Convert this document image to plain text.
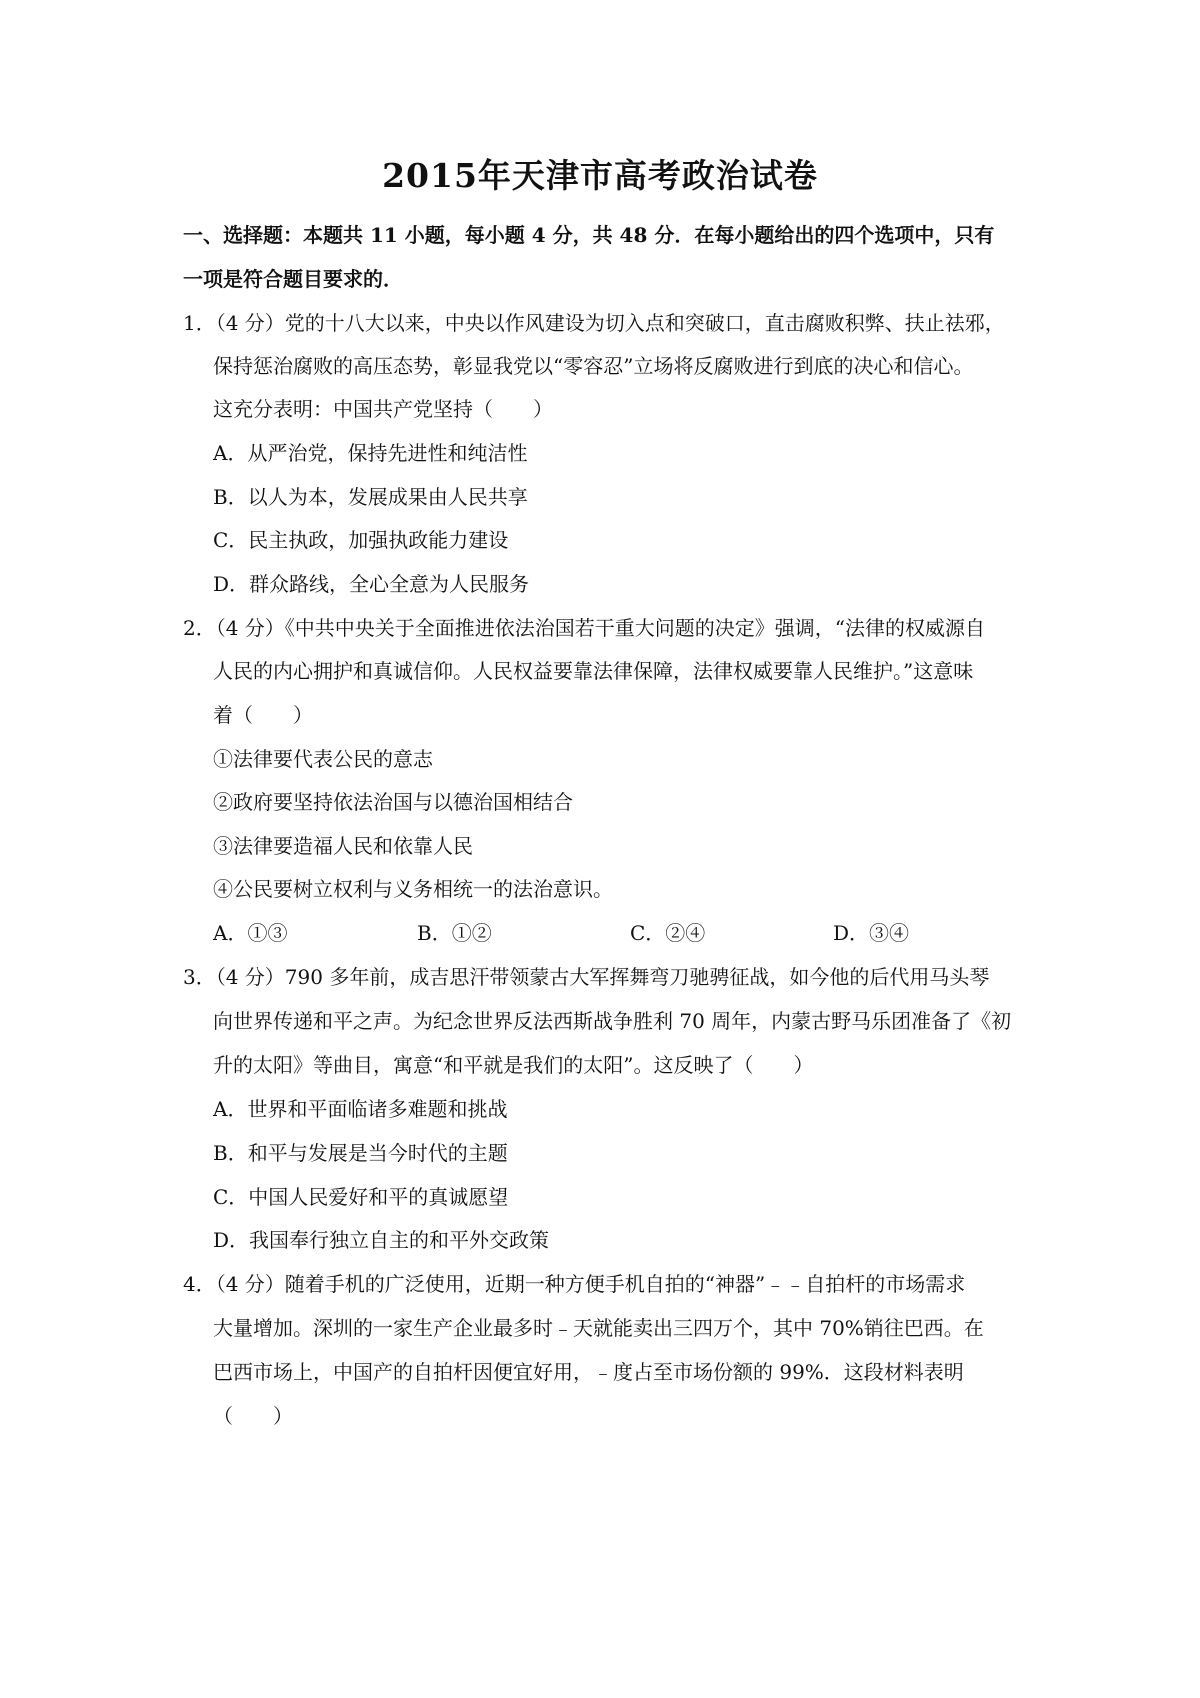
2015年天津市高考政治试卷
一、选择题：本题共 11 小题，每小题 4 分，共 48 分．在每小题给出的四个选项中，只有
一项是符合题目要求的．
1．（4 分）党的十八大以来，中央以作风建设为切入点和突破口，直击腐败积弊、扶止祛邪，
保持惩治腐败的高压态势，彰显我党以“零容忍”立场将反腐败进行到底的决心和信心。
这充分表明：中国共产党坚持（　　）
A．从严治党，保持先进性和纯洁性
B．以人为本，发展成果由人民共享
C．民主执政，加强执政能力建设
D．群众路线，全心全意为人民服务
2．（4 分）《中共中央关于全面推进依法治国若干重大问题的决定》强调，“法律的权威源自
人民的内心拥护和真诚信仰。人民权益要靠法律保障，法律权威要靠人民维护。”这意味
着（　　）
①法律要代表公民的意志
②政府要坚持依法治国与以德治国相结合
③法律要造福人民和依靠人民
④公民要树立权利与义务相统一的法治意识。
A．①③	B．①②	C．②④	D．③④
3．（4 分）790 多年前，成吉思汗带领蒙古大军挥舞弯刀驰骋征战，如今他的后代用马头琴
向世界传递和平之声。为纪念世界反法西斯战争胜利 70 周年，内蒙古野马乐团准备了《初
升的太阳》等曲目，寓意“和平就是我们的太阳”。这反映了（　　）
A．世界和平面临诸多难题和挑战
B．和平与发展是当今时代的主题
C．中国人民爱好和平的真诚愿望
D．我国奉行独立自主的和平外交政策
4．（4 分）随着手机的广泛使用，近期一种方便手机自拍的“神器”﹣﹣自拍杆的市场需求
大量增加。深圳的一家生产企业最多时﹣天就能卖出三四万个，其中 70%销往巴西。在
巴西市场上，中国产的自拍杆因便宜好用，﹣度占至市场份额的 99%．这段材料表明
（　　）
